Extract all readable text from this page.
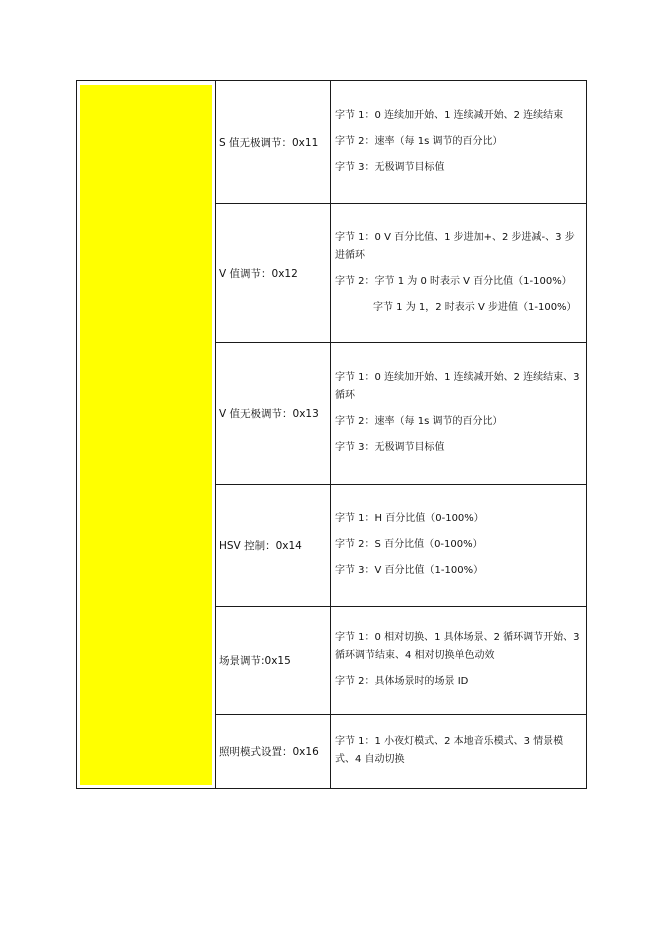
	S 值无极调节：0x11	字节 1：0 连续加开始、1 连续减开始、2 连续结束
字节 2：速率（每 1s 调节的百分比）
字节 3：无极调节目标值

	V 值调节：0x12	字节 1：0 V 百分比值、1 步进加+、2 步进减-、3 步进循环
字节 2：字节 1 为 0 时表示 V 百分比值（1-100%）
字节 1 为 1，2 时表示 V 步进值（1-100%）

	V 值无极调节：0x13	字节 1：0 连续加开始、1 连续减开始、2 连续结束、3 循环
字节 2：速率（每 1s 调节的百分比）
字节 3：无极调节目标值

	HSV 控制：0x14	字节 1：H 百分比值（0-100%）
字节 2：S 百分比值（0-100%）
字节 3：V 百分比值（1-100%）

	场景调节:0x15	字节 1：0 相对切换、1 具体场景、2 循环调节开始、3 循环调节结束、4 相对切换单色动效
字节 2：具体场景时的场景 ID

	照明模式设置：0x16	字节 1：1 小夜灯模式、2 本地音乐模式、3 情景模式、4 自动切换
